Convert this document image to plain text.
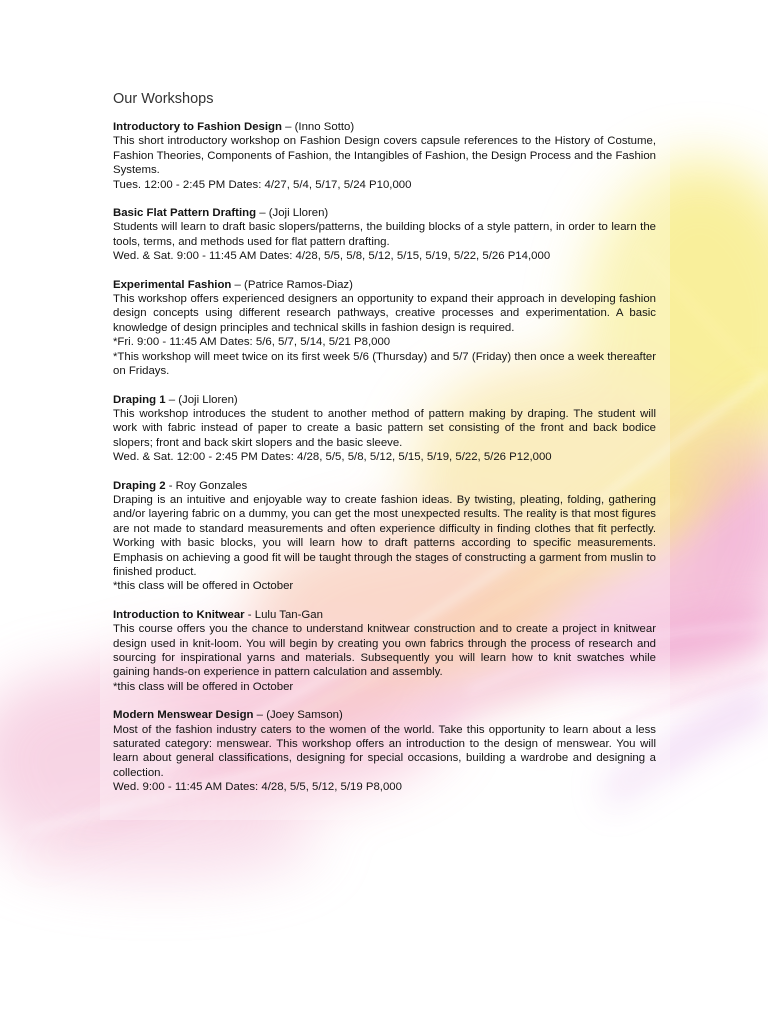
Our Workshops

Introductory to Fashion Design – (Inno Sotto)

This short introductory workshop on Fashion Design covers capsule references to the History of Costume, Fashion Theories, Components of Fashion, the Intangibles of Fashion, the Design Process and the Fashion Systems.

Tues. 12:00 - 2:45 PM Dates: 4/27, 5/4, 5/17, 5/24 P10,000

Basic Flat Pattern Drafting – (Joji Lloren)

Students will learn to draft basic slopers/patterns, the building blocks of a style pattern, in order to learn the tools, terms, and methods used for flat pattern drafting.

Wed. & Sat. 9:00 - 11:45 AM Dates: 4/28, 5/5, 5/8, 5/12, 5/15, 5/19, 5/22, 5/26 P14,000

Experimental Fashion – (Patrice Ramos-Diaz)

This workshop offers experienced designers an opportunity to expand their approach in developing fashion design concepts using different research pathways, creative processes and experimentation. A basic knowledge of design principles and technical skills in fashion design is required.

*Fri. 9:00 - 11:45 AM Dates: 5/6, 5/7, 5/14, 5/21 P8,000

*This workshop will meet twice on its first week 5/6 (Thursday) and 5/7 (Friday) then once a week thereafter on Fridays.

Draping 1 – (Joji Lloren)

This workshop introduces the student to another method of pattern making by draping. The student will work with fabric instead of paper to create a basic pattern set consisting of the front and back bodice slopers; front and back skirt slopers and the basic sleeve.

Wed. & Sat. 12:00 - 2:45 PM Dates: 4/28, 5/5, 5/8, 5/12, 5/15, 5/19, 5/22, 5/26 P12,000

Draping 2 - Roy Gonzales

Draping is an intuitive and enjoyable way to create fashion ideas. By twisting, pleating, folding, gathering and/or layering fabric on a dummy, you can get the most unexpected results. The reality is that most figures are not made to standard measurements and often experience difficulty in finding clothes that fit perfectly. Working with basic blocks, you will learn how to draft patterns according to specific measurements. Emphasis on achieving a good fit will be taught through the stages of constructing a garment from muslin to finished product.

*this class will be offered in October

Introduction to Knitwear - Lulu Tan-Gan

This course offers you the chance to understand knitwear construction and to create a project in knitwear design used in knit-loom. You will begin by creating you own fabrics through the process of research and sourcing for inspirational yarns and materials. Subsequently you will learn how to knit swatches while gaining hands-on experience in pattern calculation and assembly.

*this class will be offered in October

Modern Menswear Design – (Joey Samson)

Most of the fashion industry caters to the women of the world. Take this opportunity to learn about a less saturated category: menswear. This workshop offers an introduction to the design of menswear. You will learn about general classifications, designing for special occasions, building a wardrobe and designing a collection.

Wed. 9:00 - 11:45 AM Dates: 4/28, 5/5, 5/12, 5/19 P8,000
